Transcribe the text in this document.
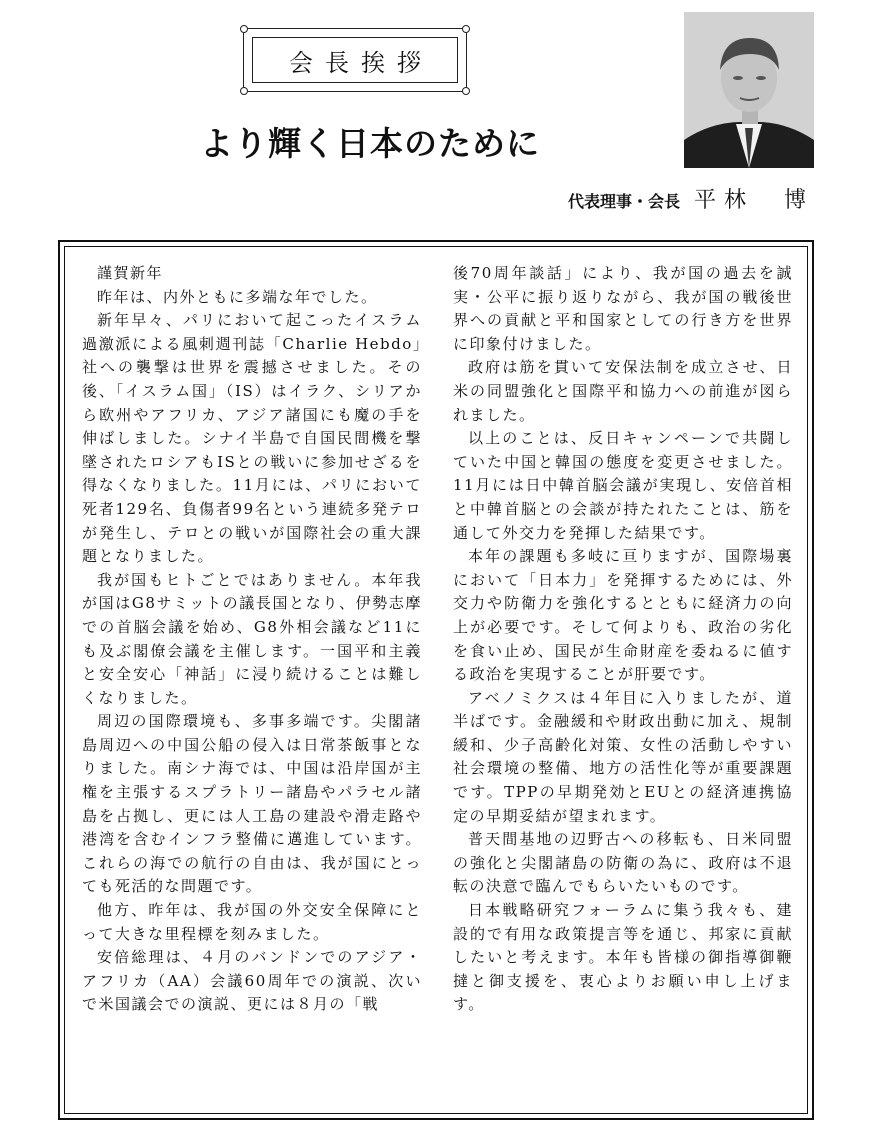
会長挨拶
より輝く日本のために
代表理事・会長 平林　博

謹賀新年

昨年は、内外ともに多端な年でした。

新年早々、パリにおいて起こったイスラム過激派による風刺週刊誌「Charlie Hebdo」社への襲撃は世界を震撼させました。その後、「イスラム国」（IS）はイラク、シリアから欧州やアフリカ、アジア諸国にも魔の手を伸ばしました。シナイ半島で自国民間機を撃墜されたロシアもISとの戦いに参加せざるを得なくなりました。11月には、パリにおいて死者129名、負傷者99名という連続多発テロが発生し、テロとの戦いが国際社会の重大課題となりました。

我が国もヒトごとではありません。本年我が国はG8サミットの議長国となり、伊勢志摩での首脳会議を始め、G8外相会議など11にも及ぶ閣僚会議を主催します。一国平和主義と安全安心「神話」に浸り続けることは難しくなりました。

周辺の国際環境も、多事多端です。尖閣諸島周辺への中国公船の侵入は日常茶飯事となりました。南シナ海では、中国は沿岸国が主権を主張するスプラトリー諸島やパラセル諸島を占拠し、更には人工島の建設や滑走路や港湾を含むインフラ整備に邁進しています。これらの海での航行の自由は、我が国にとっても死活的な問題です。

他方、昨年は、我が国の外交安全保障にとって大きな里程標を刻みました。

安倍総理は、４月のバンドンでのアジア・アフリカ（AA）会議60周年での演説、次いで米国議会での演説、更には８月の「戦

後70周年談話」により、我が国の過去を誠実・公平に振り返りながら、我が国の戦後世界への貢献と平和国家としての行き方を世界に印象付けました。

政府は筋を貫いて安保法制を成立させ、日米の同盟強化と国際平和協力への前進が図られました。

以上のことは、反日キャンペーンで共闘していた中国と韓国の態度を変更させました。11月には日中韓首脳会議が実現し、安倍首相と中韓首脳との会談が持たれたことは、筋を通して外交力を発揮した結果です。

本年の課題も多岐に亘りますが、国際場裏において「日本力」を発揮するためには、外交力や防衛力を強化するとともに経済力の向上が必要です。そして何よりも、政治の劣化を食い止め、国民が生命財産を委ねるに値する政治を実現することが肝要です。

アベノミクスは４年目に入りましたが、道半ばです。金融緩和や財政出動に加え、規制緩和、少子高齢化対策、女性の活動しやすい社会環境の整備、地方の活性化等が重要課題です。TPPの早期発効とEUとの経済連携協定の早期妥結が望まれます。

普天間基地の辺野古への移転も、日米同盟の強化と尖閣諸島の防衛の為に、政府は不退転の決意で臨んでもらいたいものです。

日本戦略研究フォーラムに集う我々も、建設的で有用な政策提言等を通じ、邦家に貢献したいと考えます。本年も皆様の御指導御鞭撻と御支援を、衷心よりお願い申し上げます。
